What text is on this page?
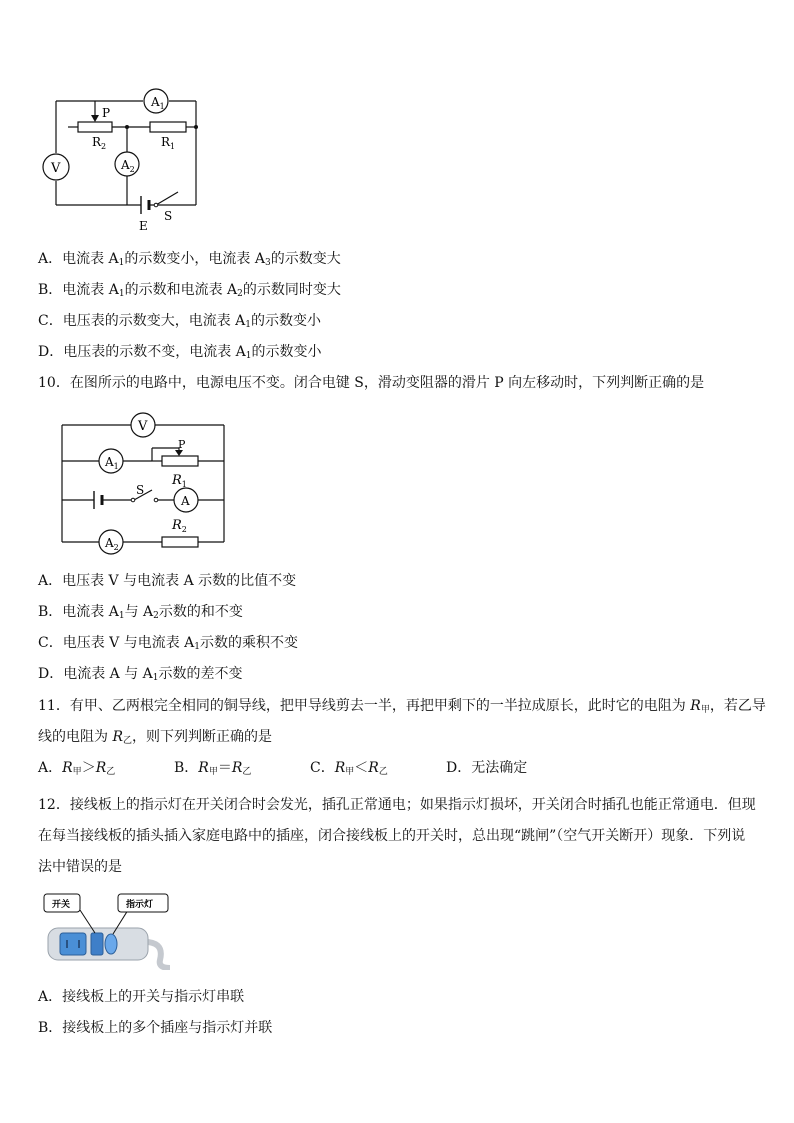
$A_1$
V	$A_2$
P
$R_2$	$R_1$
E
S
A．电流表 $A_1$的示数变小，电流表 $A_3$的示数变大
B．电流表 $A_1$的示数和电流表 $A_2$的示数同时变大
C．电压表的示数变大，电流表 $A_1$的示数变小
D．电压表的示数不变，电流表 $A_1$的示数变小
10．在图所示的电路中，电源电压不变。闭合电键 S，滑动变阻器的滑片 P 向左移动时，下列判断正确的是
V
$A_1$
A
$A_2$
P
$R_1$
$R_2$
S
A．电压表 V 与电流表 A 示数的比值不变
B．电流表 $A_1$与 $A_2$示数的和不变
C．电压表 V 与电流表 $A_1$示数的乘积不变
D．电流表 A 与 $A_1$示数的差不变
11．有甲、乙两根完全相同的铜导线，把甲导线剪去一半，再把甲剩下的一半拉成原长，此时它的电阻为 $R_甲$，若乙导
线的电阻为 $R_乙$，则下列判断正确的是
A．$R_甲>R_乙$	B．$R_甲=R_乙$	C．$R_甲<R_乙$	D．无法确定
12．接线板上的指示灯在开关闭合时会发光，插孔正常通电；如果指示灯损坏，开关闭合时插孔也能正常通电．但现在每当接线板的插头插入家庭电路中的插座，闭合接线板上的开关时，总出现“跳闸”（空气开关断开）现象．下列说法中错误的是
开关	指示灯
A．接线板上的开关与指示灯串联
B．接线板上的多个插座与指示灯并联
